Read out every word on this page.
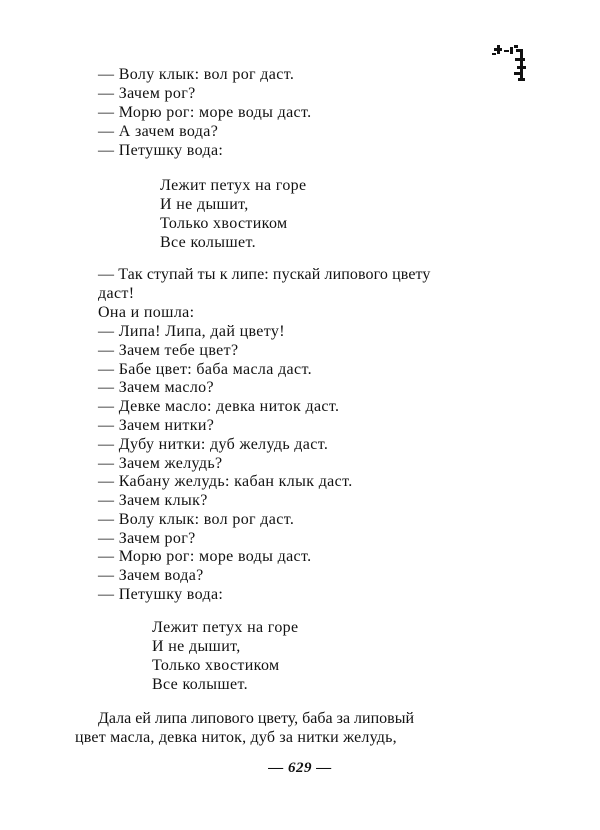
— Волу клык: вол рог даст.
— Зачем рог?
— Морю рог: море воды даст.
— А зачем вода?
— Петушку вода:
Лежит петух на горе
И не дышит,
Только хвостиком
Все колышет.
— Так ступай ты к липе: пускай липового цвету
даст!
Она и пошла:
— Липа! Липа, дай цвету!
— Зачем тебе цвет?
— Бабе цвет: баба масла даст.
— Зачем масло?
— Девке масло: девка ниток даст.
— Зачем нитки?
— Дубу нитки: дуб желудь даст.
— Зачем желудь?
— Кабану желудь: кабан клык даст.
— Зачем клык?
— Волу клык: вол рог даст.
— Зачем рог?
— Морю рог: море воды даст.
— Зачем вода?
— Петушку вода:
Лежит петух на горе
И не дышит,
Только хвостиком
Все колышет.
Дала ей липа липового цвету, баба за липовый
цвет масла, девка ниток, дуб за нитки желудь,
— 629 —
